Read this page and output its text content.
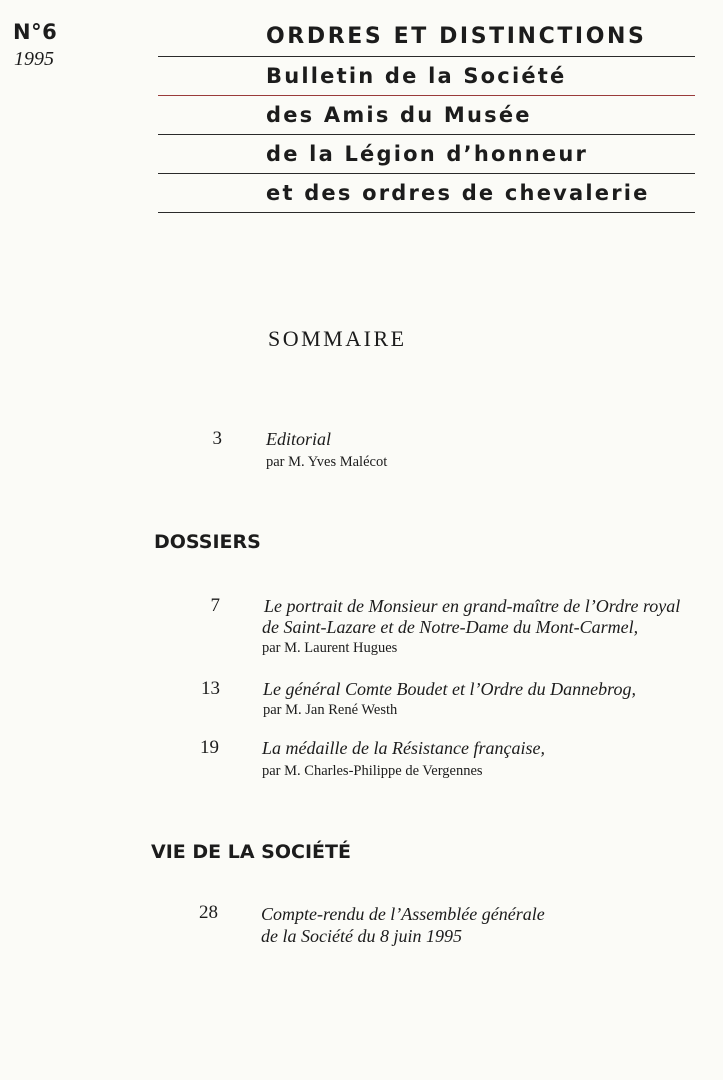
N°6
1995
ORDRES ET DISTINCTIONS
Bulletin de la Société
des Amis du Musée
de la Légion d’honneur
et des ordres de chevalerie
SOMMAIRE
3 Editorial
par M. Yves Malécot
DOSSIERS
7 Le portrait de Monsieur en grand-maître de l’Ordre royal
de Saint-Lazare et de Notre-Dame du Mont-Carmel,
par M. Laurent Hugues
13 Le général Comte Boudet et l’Ordre du Dannebrog,
par M. Jan René Westh
19 La médaille de la Résistance française,
par M. Charles-Philippe de Vergennes
VIE DE LA SOCIÉTÉ
28 Compte-rendu de l’Assemblée générale
de la Société du 8 juin 1995
